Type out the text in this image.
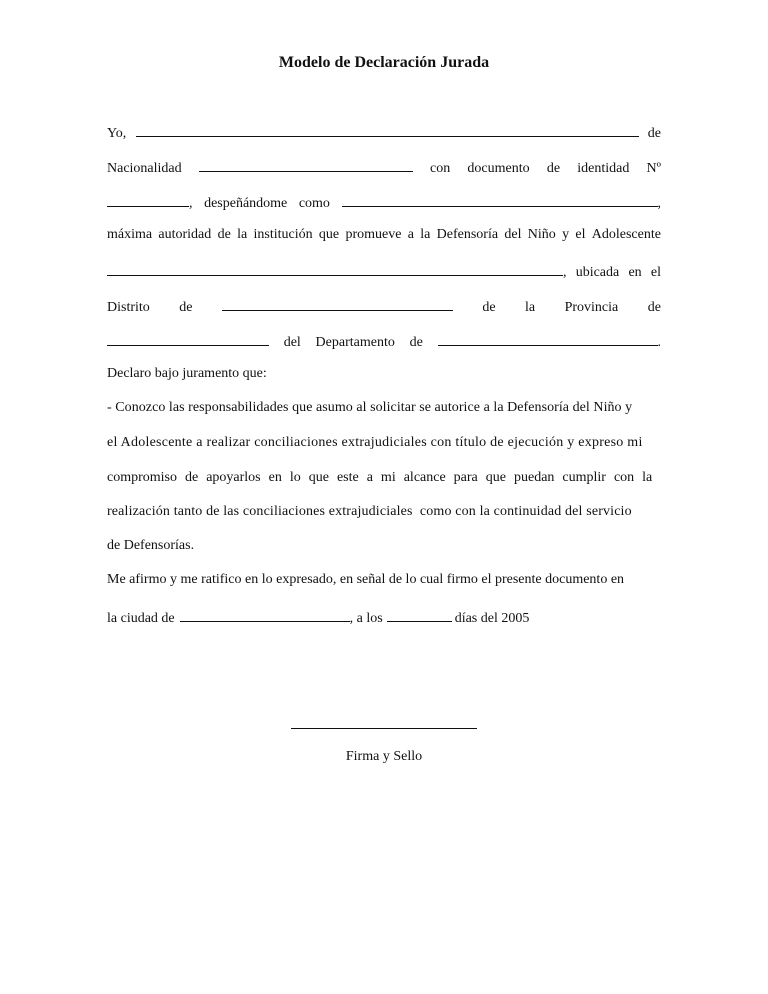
Modelo de Declaración Jurada
Yo,	de
Nacionalidad	con documento de identidad Nº
, despeñándome como	,
máxima autoridad de la institución que promueve a la Defensoría del Niño y el Adolescente
, ubicada en el
Distrito de	de la Provincia de
del Departamento de	.
Declaro bajo juramento que:
- Conozco las responsabilidades que asumo al solicitar se autorice a la Defensoría del Niño y
el Adolescente a realizar conciliaciones extrajudiciales con título de ejecución y expreso mi
compromiso de apoyarlos en lo que este a mi alcance para que puedan cumplir con la
realización tanto de las conciliaciones extrajudiciales  como con la continuidad del servicio
de Defensorías.
Me afirmo y me ratifico en lo expresado, en señal de lo cual firmo el presente documento en
la ciudad de	, a los	días del 2005
Firma y Sello
